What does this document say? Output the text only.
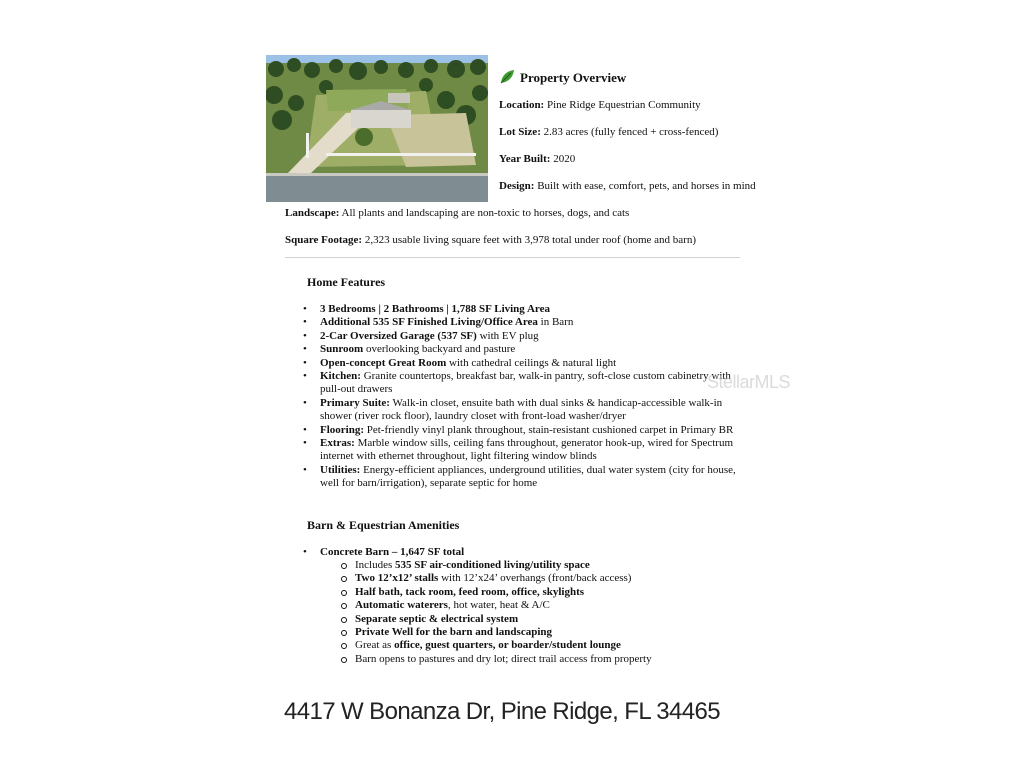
Property Overview
Location: Pine Ridge Equestrian Community
Lot Size: 2.83 acres (fully fenced + cross-fenced)
Year Built: 2020
Design: Built with ease, comfort, pets, and horses in mind
Landscape: All plants and landscaping are non-toxic to horses, dogs, and cats
Square Footage: 2,323 usable living square feet with 3,978 total under roof (home and barn)
Home Features
• 3 Bedrooms | 2 Bathrooms | 1,788 SF Living Area
• Additional 535 SF Finished Living/Office Area in Barn
• 2-Car Oversized Garage (537 SF) with EV plug
• Sunroom overlooking backyard and pasture
• Open-concept Great Room with cathedral ceilings & natural light
• Kitchen: Granite countertops, breakfast bar, walk-in pantry, soft-close custom cabinetry with pull-out drawers
• Primary Suite: Walk-in closet, ensuite bath with dual sinks & handicap-accessible walk-in shower (river rock floor), laundry closet with front-load washer/dryer
• Flooring: Pet-friendly vinyl plank throughout, stain-resistant cushioned carpet in Primary BR
• Extras: Marble window sills, ceiling fans throughout, generator hook-up, wired for Spectrum internet with ethernet throughout, light filtering window blinds
• Utilities: Energy-efficient appliances, underground utilities, dual water system (city for house, well for barn/irrigation), separate septic for home
Barn & Equestrian Amenities
• Concrete Barn – 1,647 SF total
Includes 535 SF air-conditioned living/utility space
Two 12’x12’ stalls with 12’x24’ overhangs (front/back access)
Half bath, tack room, feed room, office, skylights
Automatic waterers, hot water, heat & A/C
Separate septic & electrical system
Private Well for the barn and landscaping
Great as office, guest quarters, or boarder/student lounge
Barn opens to pastures and dry lot; direct trail access from property
StellarMLS
4417 W Bonanza Dr, Pine Ridge, FL 34465
